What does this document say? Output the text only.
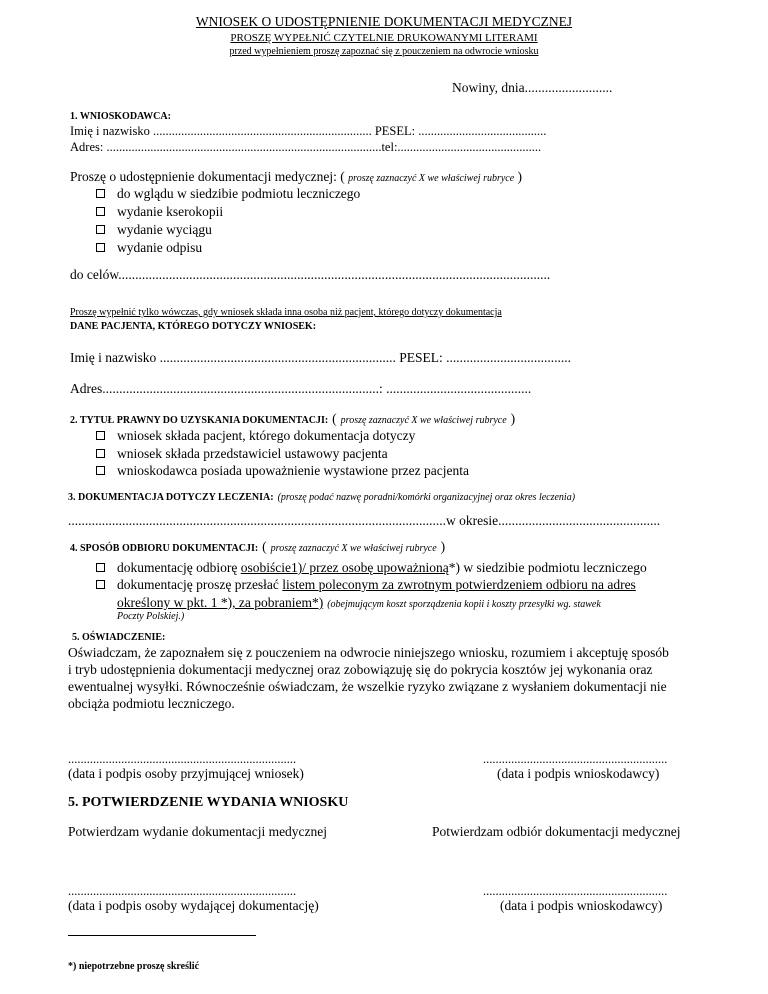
WNIOSEK O UDOSTĘPNIENIE DOKUMENTACJI MEDYCZNEJ
PROSZĘ WYPEŁNIĆ CZYTELNIE DRUKOWANYMI LITERAMI
przed wypełnieniem proszę zapoznać się z pouczeniem na odwrocie wniosku
Nowiny, dnia..........................
1. WNIOSKODAWCA:
Imię i nazwisko ...................................................................... PESEL: .........................................
Adres: ........................................................................................tel:..............................................
Proszę o udostępnienie dokumentacji medycznej: ( proszę zaznaczyć X we właściwej rubryce )
do wglądu w siedzibie podmiotu leczniczego
wydanie kserokopii
wydanie wyciągu
wydanie odpisu
do celów................................................................................................................................
Proszę wypełnić tylko wówczas, gdy wniosek składa inna osoba niż pacjent, którego dotyczy dokumentacja
DANE PACJENTA, KTÓREGO DOTYCZY WNIOSEK:
Imię i nazwisko ...................................................................... PESEL: .....................................
Adres..................................................................................: ...........................................
2. TYTUŁ PRAWNY DO UZYSKANIA DOKUMENTACJI: ( proszę zaznaczyć X we właściwej rubryce )
wniosek składa pacjent, którego dokumentacja dotyczy
wniosek składa przedstawiciel ustawowy pacjenta
wnioskodawca posiada upoważnienie wystawione przez pacjenta
3. DOKUMENTACJA DOTYCZY LECZENIA: (proszę podać nazwę poradni/komórki organizacyjnej oraz okres leczenia)
................................................................................................................w okresie................................................
4. SPOSÓB ODBIORU DOKUMENTACJI: ( proszę zaznaczyć X we właściwej rubryce )
dokumentację odbiorę osobiście1)/ przez osobę upoważnioną*) w siedzibie podmiotu leczniczego
dokumentację proszę przesłać listem poleconym za zwrotnym potwierdzeniem odbioru na adres
określony w pkt. 1 *), za pobraniem*) (obejmującym koszt sporządzenia kopii i koszty przesyłki wg. stawek
Poczty Polskiej.)
5. OŚWIADCZENIE:
Oświadczam, że zapoznałem się z pouczeniem na odwrocie niniejszego wniosku, rozumiem i akceptuję sposób
i tryb udostępnienia dokumentacji medycznej oraz zobowiązuję się do pokrycia kosztów jej wykonania oraz
ewentualnej wysyłki. Równocześnie oświadczam, że wszelkie ryzyko związane z wysłaniem dokumentacji nie
obciąża podmiotu leczniczego.
.........................................................................
(data i podpis osoby przyjmującej wniosek)
...........................................................
(data i podpis wnioskodawcy)
5. POTWIERDZENIE WYDANIA WNIOSKU
Potwierdzam wydanie dokumentacji medycznej	Potwierdzam odbiór dokumentacji medycznej
.........................................................................
(data i podpis osoby wydającej dokumentację)
...........................................................
(data i podpis wnioskodawcy)
*) niepotrzebne proszę skreślić
